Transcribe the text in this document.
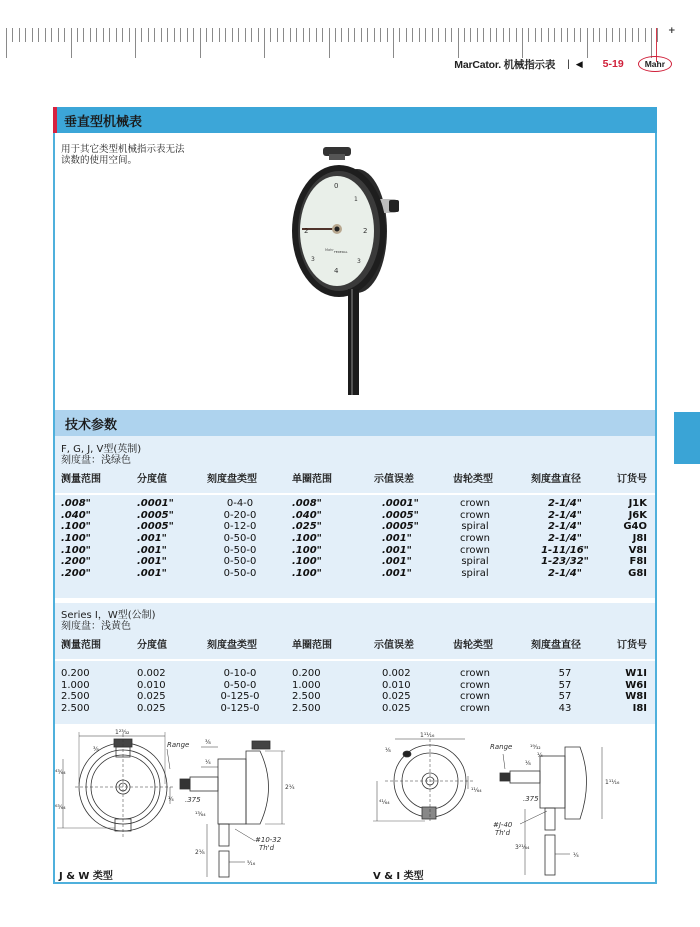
+
MarCator. 机械指示表 | ◀ 5-19	Mahr
垂直型机械表
用于其它类型机械指示表无法
读数的使用空间。
0
1
2
3
4
3
2
Mahr FEDERAL
技术参数
F, G, J, V型(英制)
刻度盘：浅绿色
测量范围	分度值	刻度盘类型	单圈范围	示值误差	齿轮类型	刻度盘直径	订货号
.008"	.0001"	0-4-0	.008"	.0001"	crown	2-1/4"	J1K
.040"	.0005"	0-20-0	.040"	.0005"	crown	2-1/4"	J6K
.100"	.0005"	0-12-0	.025"	.0005"	spiral	2-1/4"	G4O
.100"	.001"	0-50-0	.100"	.001"	crown	2-1/4"	J8I
.100"	.001"	0-50-0	.100"	.001"	crown	1-11/16"	V8I
.200"	.001"	0-50-0	.100"	.001"	spiral	1-23/32"	F8I
.200"	.001"	0-50-0	.100"	.001"	spiral	2-1/4"	G8I
Series I，W型(公制)
刻度盘：浅黄色
测量范围	分度值	刻度盘类型	单圈范围	示值误差	齿轮类型	刻度盘直径	订货号
0.200	0.002	0-10-0	0.200	0.002	crown	57	W1I
1.000	0.010	0-50-0	1.000	0.010	crown	57	W6I
2.500	0.025	0-125-0	2.500	0.025	crown	57	W8I
2.500	0.025	0-125-0	2.500	0.025	crown	43	I8I
1²³⁄₃₂
³⁄₈
⁴³⁄₆₄
⁶³⁄₆₄
¹⁄₄
Range	³⁄₈
¹⁄₄
.375
¹³⁄₆₄
2¹⁄₄
#10-32
Th'd
2¹⁄₈
⁵⁄₁₆
J & W 类型
1¹¹⁄₁₆
¹⁄₈
⁴¹⁄₆₄
¹¹⁄₆₄
Range	¹⁹⁄₃₂
¹⁄₄
¹⁄₈
.375
1¹¹⁄₁₆
#J-40
Th'd
3²¹⁄₆₄
¹⁄₄
V & I 类型
